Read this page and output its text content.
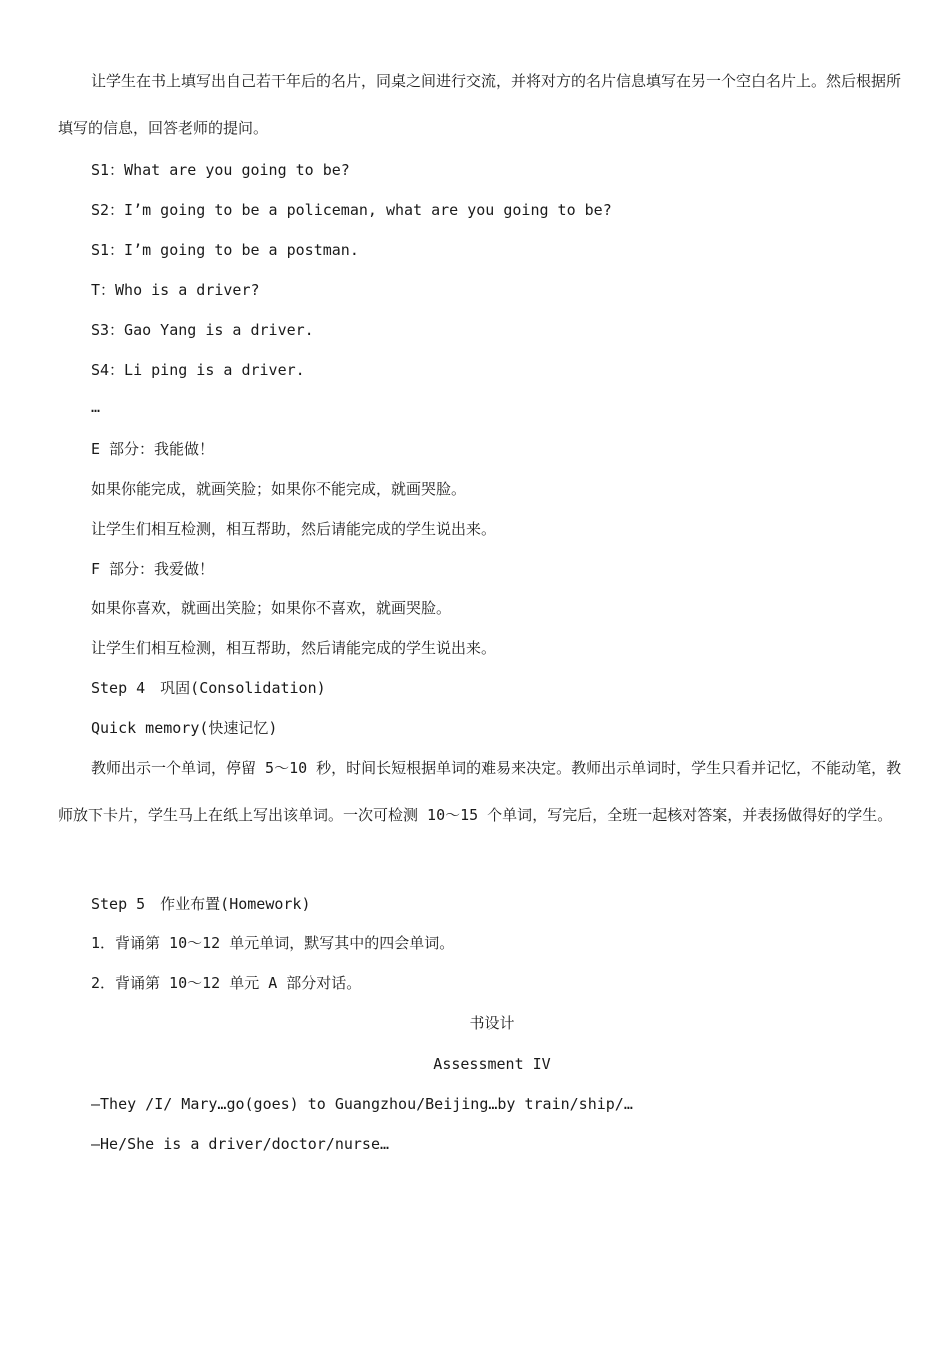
让学生在书上填写出自己若干年后的名片，同桌之间进行交流，并将对方的名片信息填写在另一个空白名片上。然后根据所填写的信息，回答老师的提问。
S1：What are you going to be?
S2：I’m going to be a policeman, what are you going to be?
S1：I’m going to be a postman.
T：Who is a driver?
S3：Gao Yang is a driver.
S4：Li ping is a driver.
…
E 部分：我能做！
如果你能完成，就画笑脸；如果你不能完成，就画哭脸。
让学生们相互检测，相互帮助，然后请能完成的学生说出来。
F 部分：我爱做！
如果你喜欢，就画出笑脸；如果你不喜欢，就画哭脸。
让学生们相互检测，相互帮助，然后请能完成的学生说出来。
Step 4　巩固(Consolidation)
Quick memory(快速记忆)
教师出示一个单词，停留 5～10 秒，时间长短根据单词的难易来决定。教师出示单词时，学生只看并记忆，不能动笔，教师放下卡片，学生马上在纸上写出该单词。一次可检测 10～15 个单词，写完后，全班一起核对答案，并表扬做得好的学生。
Step 5　作业布置(Homework)
1．背诵第 10～12 单元单词，默写其中的四会单词。
2．背诵第 10～12 单元 A 部分对话。
书设计
Assessment IV
—They /I/ Mary…go(goes) to Guangzhou/Beijing…by train/ship/…
—He/She is a driver/doctor/nurse…
